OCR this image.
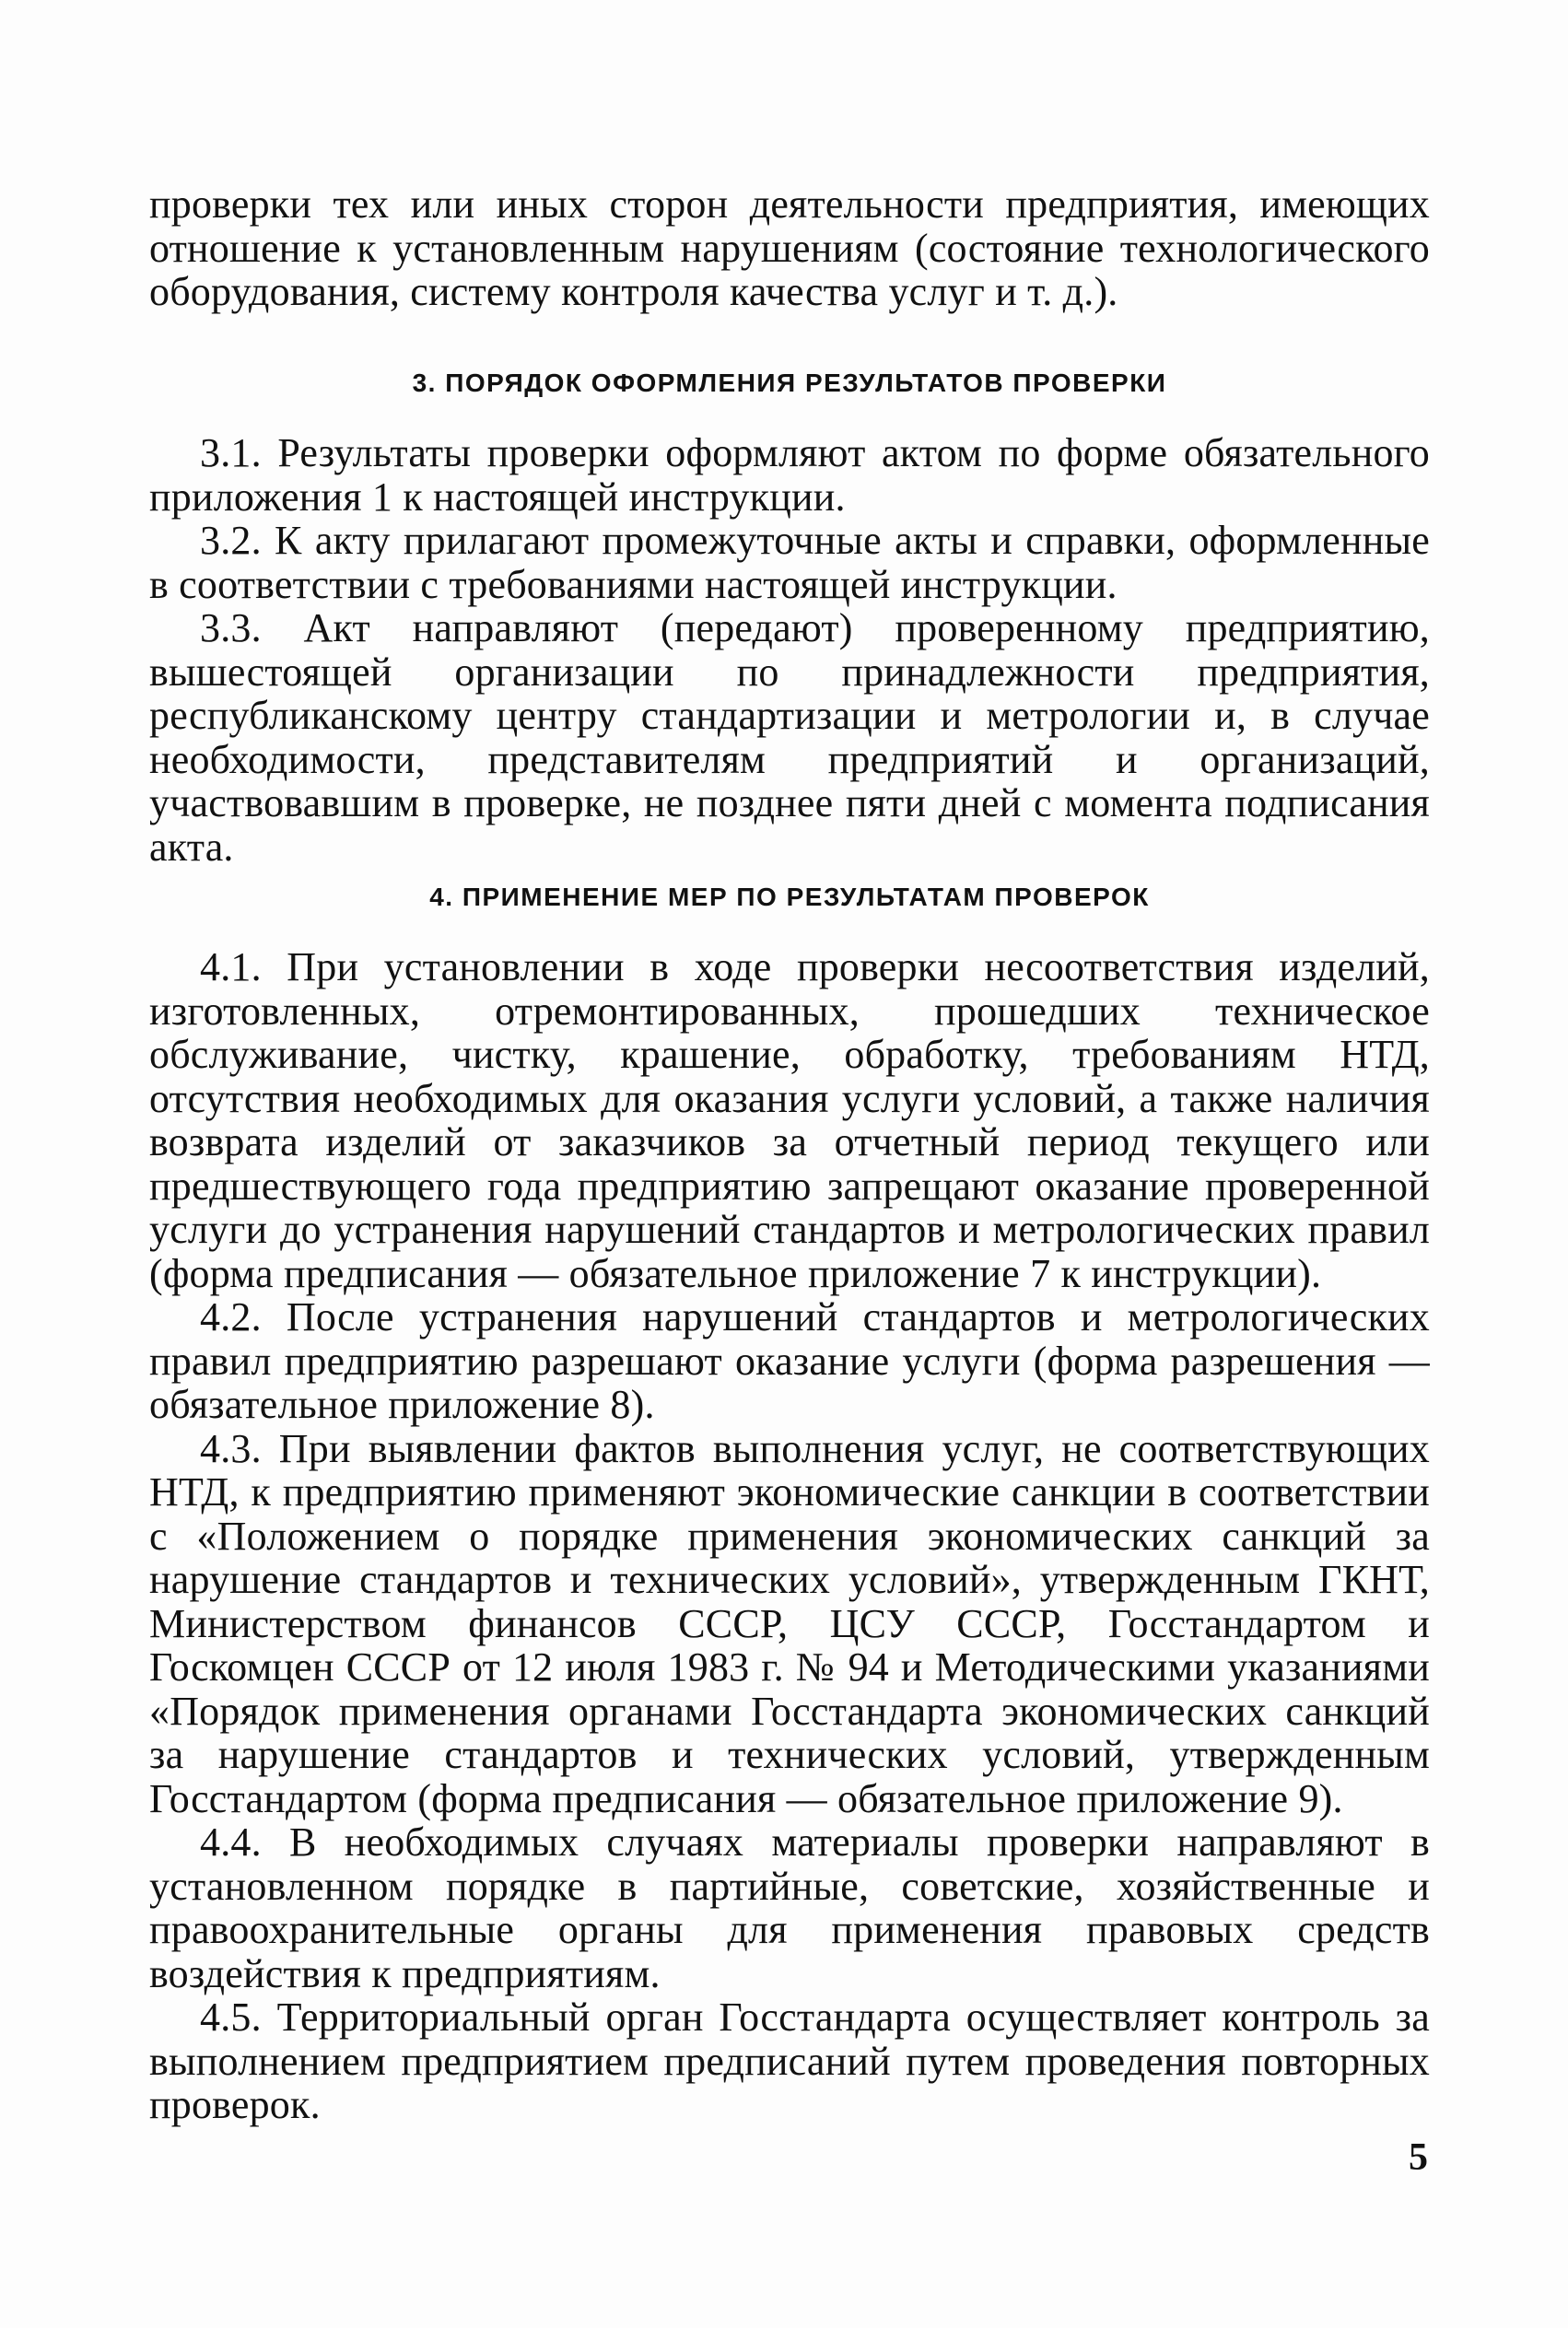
проверки тех или иных сторон деятельности предприятия, имеющих отношение к установленным нарушениям (состояние технологического оборудования, систему контроля качества услуг и т. д.).

3. ПОРЯДОК ОФОРМЛЕНИЯ РЕЗУЛЬТАТОВ ПРОВЕРКИ

3.1. Результаты проверки оформляют актом по форме обязательного приложения 1 к настоящей инструкции.

3.2. К акту прилагают промежуточные акты и справки, оформленные в соответствии с требованиями настоящей инструкции.

3.3. Акт направляют (передают) проверенному предприятию, вышестоящей организации по принадлежности предприятия, республиканскому центру стандартизации и метрологии и, в случае необходимости, представителям предприятий и организаций, участвовавшим в проверке, не позднее пяти дней с момента подписания акта.

4. ПРИМЕНЕНИЕ МЕР ПО РЕЗУЛЬТАТАМ ПРОВЕРОК

4.1. При установлении в ходе проверки несоответствия изделий, изготовленных, отремонтированных, прошедших техническое обслуживание, чистку, крашение, обработку, требованиям НТД, отсутствия необходимых для оказания услуги условий, а также наличия возврата изделий от заказчиков за отчетный период текущего или предшествующего года предприятию запрещают оказание проверенной услуги до устранения нарушений стандартов и метрологических правил (форма предписания — обязательное приложение 7 к инструкции).

4.2. После устранения нарушений стандартов и метрологических правил предприятию разрешают оказание услуги (форма разрешения — обязательное приложение 8).

4.3. При выявлении фактов выполнения услуг, не соответствующих НТД, к предприятию применяют экономические санкции в соответствии с «Положением о порядке применения экономических санкций за нарушение стандартов и технических условий», утвержденным ГКНТ, Министерством финансов СССР, ЦСУ СССР, Госстандартом и Госкомцен СССР от 12 июля 1983 г. № 94 и Методическими указаниями «Порядок применения органами Госстандарта экономических санкций за нарушение стандартов и технических условий, утвержденным Госстандартом (форма предписания — обязательное приложение 9).

4.4. В необходимых случаях материалы проверки направляют в установленном порядке в партийные, советские, хозяйственные и правоохранительные органы для применения правовых средств воздействия к предприятиям.

4.5. Территориальный орган Госстандарта осуществляет контроль за выполнением предприятием предписаний путем проведения повторных проверок.

5
